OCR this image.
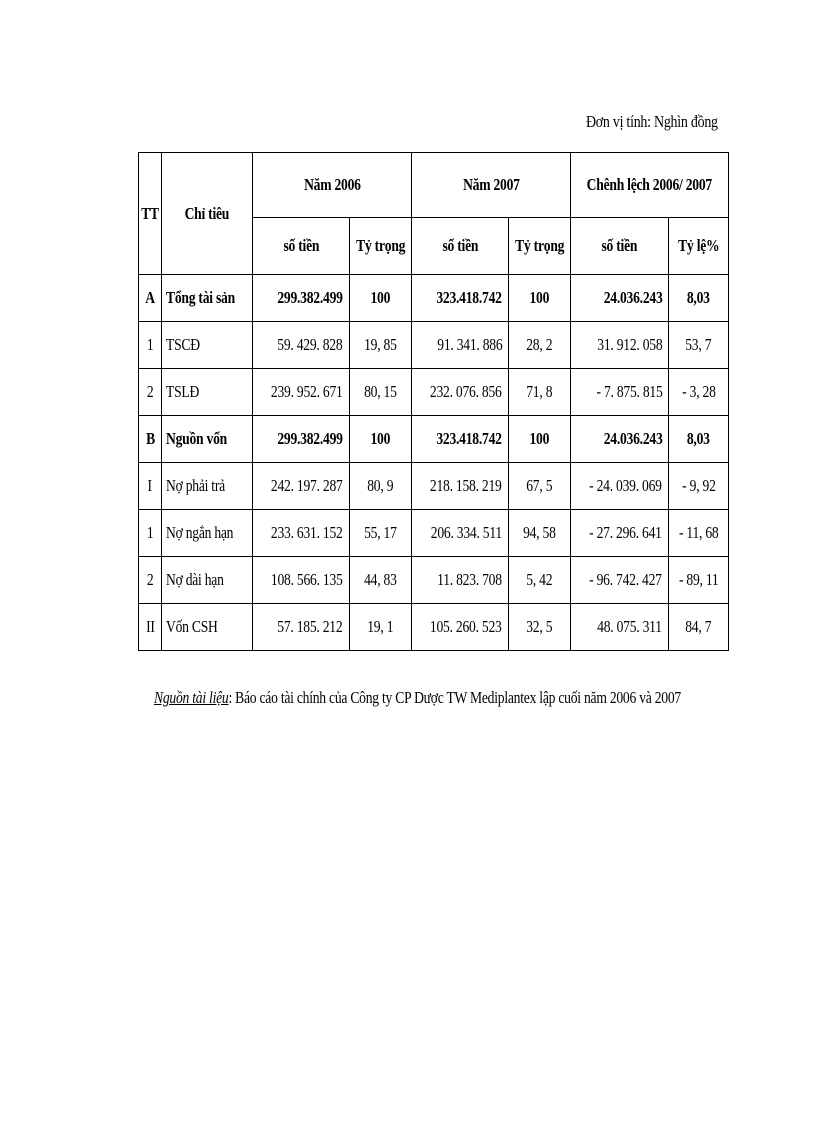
Đơn vị tính: Nghìn đồng
TT	Chỉ tiêu	Năm 2006		Năm 2007		Chênh lệch 2006/ 2007	
		số tiền	Tỷ trọng	số tiền	Tỷ trọng	số tiền	Tỷ lệ%
A	Tổng tài sản	299.382.499	100	323.418.742	100	24.036.243	8,03
1	TSCĐ	59. 429. 828	19, 85	91. 341. 886	28, 2	31. 912. 058	53, 7
2	TSLĐ	239. 952. 671	80, 15	232. 076. 856	71, 8	- 7. 875. 815	- 3, 28
B	Nguồn vốn	299.382.499	100	323.418.742	100	24.036.243	8,03
I	Nợ phải trả	242. 197. 287	80, 9	218. 158. 219	67, 5	- 24. 039. 069	- 9, 92
1	Nợ ngắn hạn	233. 631. 152	55, 17	206. 334. 511	94, 58	- 27. 296. 641	- 11, 68
2	Nợ dài hạn	108. 566. 135	44, 83	11. 823. 708	5, 42	- 96. 742. 427	- 89, 11
II	Vốn CSH	57. 185. 212	19, 1	105. 260. 523	32, 5	48. 075. 311	84, 7
Nguồn tài liệu: Báo cáo tài chính của Công ty CP Dược TW Mediplantex lập cuối năm 2006 và 2007
